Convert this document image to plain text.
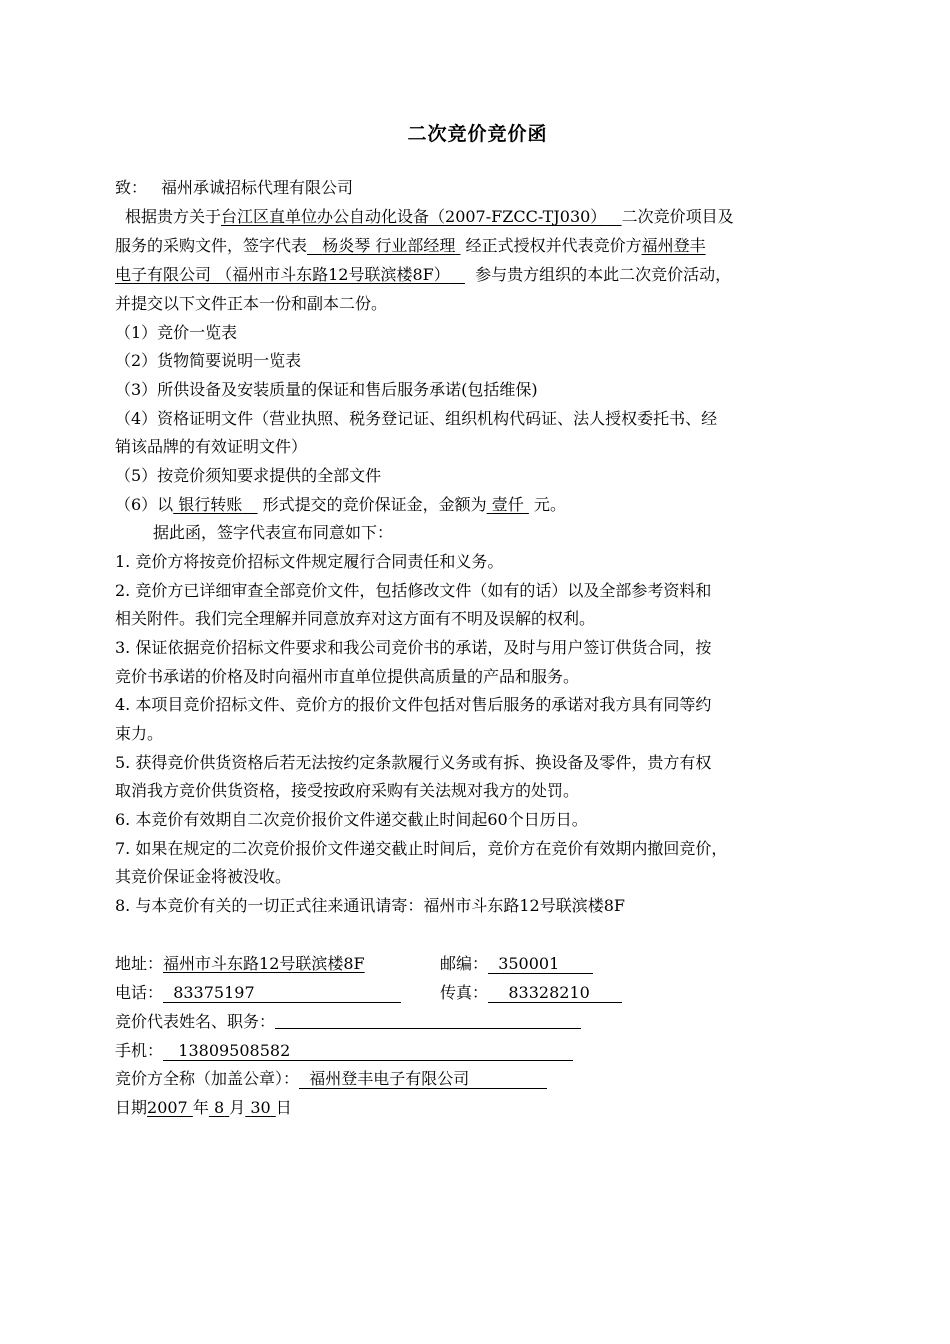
二次竞价竞价函
致： 福州承诚招标代理有限公司
根据贵方关于台江区直单位办公自动化设备（2007-FZCC-TJ030） 二次竞价项目及
服务的采购文件，签字代表 杨炎琴 行业部经理 经正式授权并代表竞价方福州登丰
电子有限公司 （福州市斗东路12号联滨楼8F） 参与贵方组织的本此二次竞价活动，
并提交以下文件正本一份和副本二份。
（1）竞价一览表
（2）货物简要说明一览表
（3）所供设备及安装质量的保证和售后服务承诺(包括维保)
（4）资格证明文件（营业执照、税务登记证、组织机构代码证、法人授权委托书、经
销该品牌的有效证明文件）
（5）按竞价须知要求提供的全部文件
（6）以 银行转账 形式提交的竞价保证金，金额为 壹仟 元。
据此函，签字代表宣布同意如下：
1. 竞价方将按竞价招标文件规定履行合同责任和义务。
2. 竞价方已详细审查全部竞价文件，包括修改文件（如有的话）以及全部参考资料和
相关附件。我们完全理解并同意放弃对这方面有不明及误解的权利。
3. 保证依据竞价招标文件要求和我公司竞价书的承诺，及时与用户签订供货合同，按
竞价书承诺的价格及时向福州市直单位提供高质量的产品和服务。
4. 本项目竞价招标文件、竞价方的报价文件包括对售后服务的承诺对我方具有同等约
束力。
5. 获得竞价供货资格后若无法按约定条款履行义务或有拆、换设备及零件，贵方有权
取消我方竞价供货资格，接受按政府采购有关法规对我方的处罚。
6. 本竞价有效期自二次竞价报价文件递交截止时间起60个日历日。
7. 如果在规定的二次竞价报价文件递交截止时间后，竞价方在竞价有效期内撤回竞价，
其竞价保证金将被没收。
8. 与本竞价有关的一切正式往来通讯请寄：福州市斗东路12号联滨楼8F
地址：福州市斗东路12号联滨楼8F	邮编： 350001
电话： 83375197	传真： 83328210
竞价代表姓名、职务：
手机： 13809508582
竞价方全称（加盖公章）： 福州登丰电子有限公司
日期2007 年 8 月 30 日
